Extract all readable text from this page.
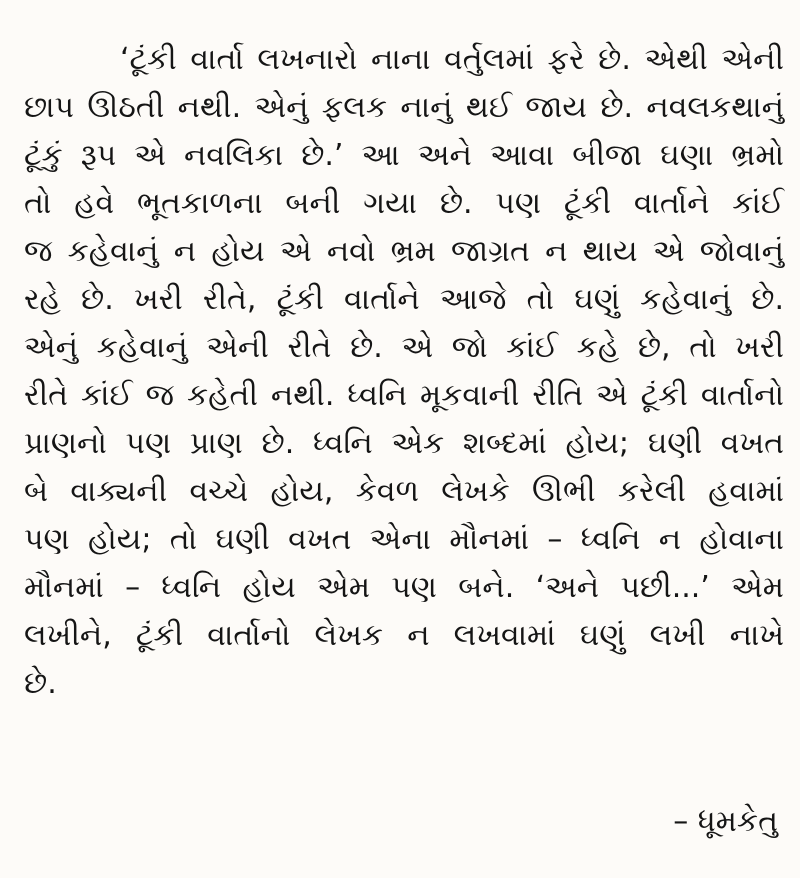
‘ટૂંકી વાર્તા લખનારો નાના વર્તુલમાં ફરે છે. એથી એની
છાપ ઊઠતી નથી. એનું ફલક નાનું થઈ જાય છે. નવલકથાનું
ટૂંકું રૂપ એ નવલિકા છે.’ આ અને આવા બીજા ઘણા ભ્રમો
તો હવે ભૂતકાળના બની ગયા છે. પણ ટૂંકી વાર્તાને કાંઈ
જ કહેવાનું ન હોય એ નવો ભ્રમ જાગ્રત ન થાય એ જોવાનું
રહે છે. ખરી રીતે, ટૂંકી વાર્તાને આજે તો ઘણું કહેવાનું છે.
એનું કહેવાનું એની રીતે છે. એ જો કાંઈ કહે છે, તો ખરી
રીતે કાંઈ જ કહેતી નથી. ધ્વનિ મૂકવાની રીતિ એ ટૂંકી વાર્તાનો
પ્રાણનો પણ પ્રાણ છે. ધ્વનિ એક શબ્દમાં હોય; ઘણી વખત
બે વાક્યની વચ્ચે હોય, કેવળ લેખકે ઊભી કરેલી હવામાં
પણ હોય; તો ઘણી વખત એના મૌનમાં – ધ્વનિ ન હોવાના
મૌનમાં – ધ્વનિ હોય એમ પણ બને. ‘અને પછી...’ એમ
લખીને, ટૂંકી વાર્તાનો લેખક ન લખવામાં ઘણું લખી નાખે
છે.
– ધૂમકેતુ
